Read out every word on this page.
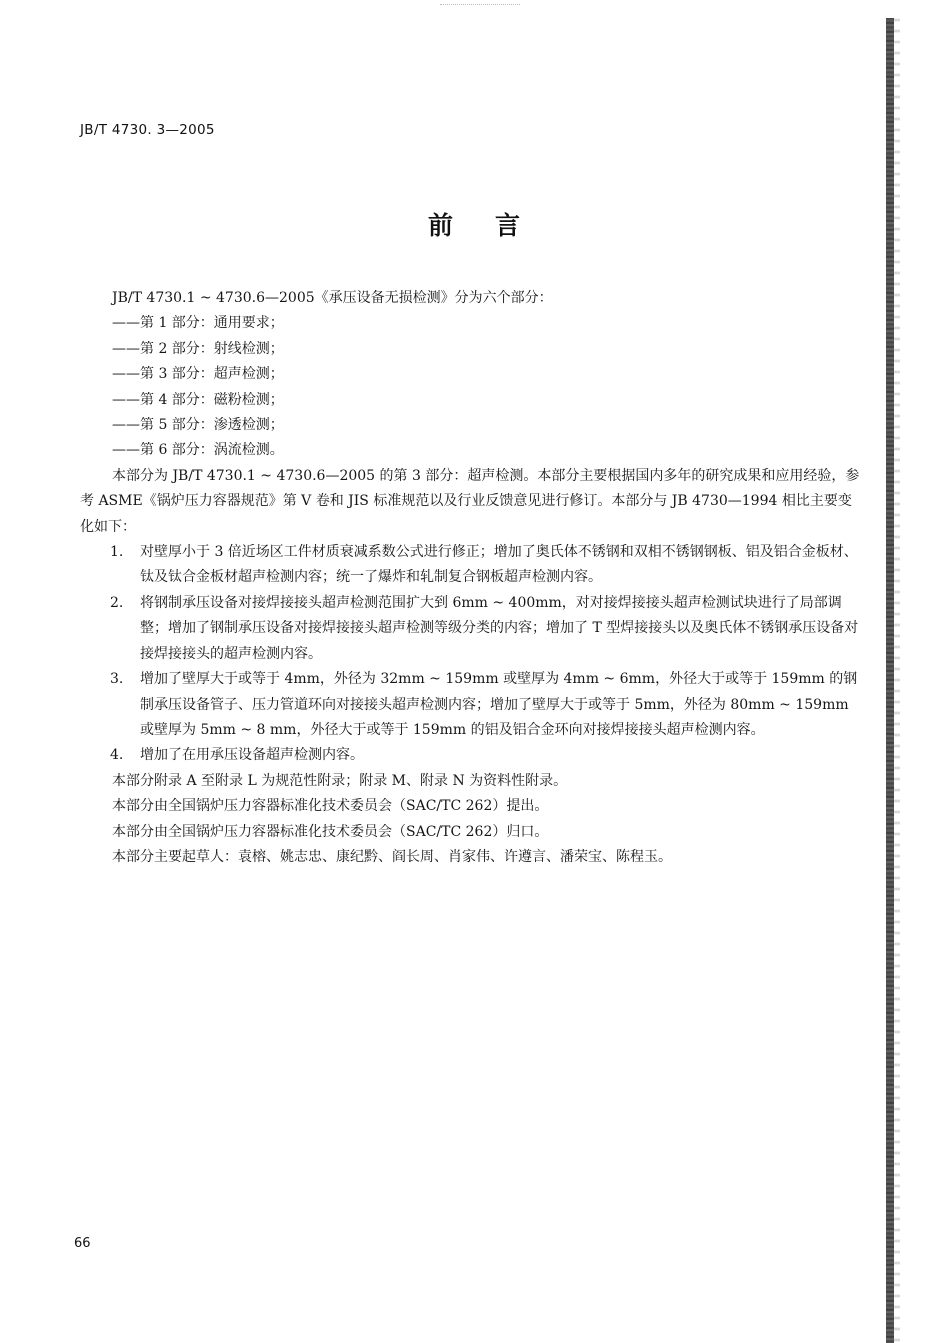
JB/T 4730. 3—2005
前言

JB/T 4730.1 ~ 4730.6—2005《承压设备无损检测》分为六个部分：

——第 1 部分：通用要求；

——第 2 部分：射线检测；

——第 3 部分：超声检测；

——第 4 部分：磁粉检测；

——第 5 部分：渗透检测；

——第 6 部分：涡流检测。

本部分为 JB/T 4730.1 ~ 4730.6—2005 的第 3 部分：超声检测。本部分主要根据国内多年的研究成果和应用经验，参考 ASME《锅炉压力容器规范》第 V 卷和 JIS 标准规范以及行业反馈意见进行修订。本部分与 JB 4730—1994 相比主要变化如下：

1.	对壁厚小于 3 倍近场区工件材质衰减系数公式进行修正；增加了奥氏体不锈钢和双相不锈钢钢板、铝及铝合金板材、钛及钛合金板材超声检测内容；统一了爆炸和轧制复合钢板超声检测内容。
2.	将钢制承压设备对接焊接接头超声检测范围扩大到 6mm ~ 400mm，对对接焊接接头超声检测试块进行了局部调整；增加了钢制承压设备对接焊接接头超声检测等级分类的内容；增加了 T 型焊接接头以及奥氏体不锈钢承压设备对接焊接接头的超声检测内容。
3.	增加了壁厚大于或等于 4mm，外径为 32mm ~ 159mm 或壁厚为 4mm ~ 6mm，外径大于或等于 159mm 的钢制承压设备管子、压力管道环向对接接头超声检测内容；增加了壁厚大于或等于 5mm，外径为 80mm ~ 159mm 或壁厚为 5mm ~ 8 mm，外径大于或等于 159mm 的铝及铝合金环向对接焊接接头超声检测内容。
4.	增加了在用承压设备超声检测内容。

本部分附录 A 至附录 L 为规范性附录；附录 M、附录 N 为资料性附录。

本部分由全国锅炉压力容器标准化技术委员会（SAC/TC 262）提出。

本部分由全国锅炉压力容器标准化技术委员会（SAC/TC 262）归口。

本部分主要起草人：袁榕、姚志忠、康纪黔、阎长周、肖家伟、许遵言、潘荣宝、陈程玉。

66
